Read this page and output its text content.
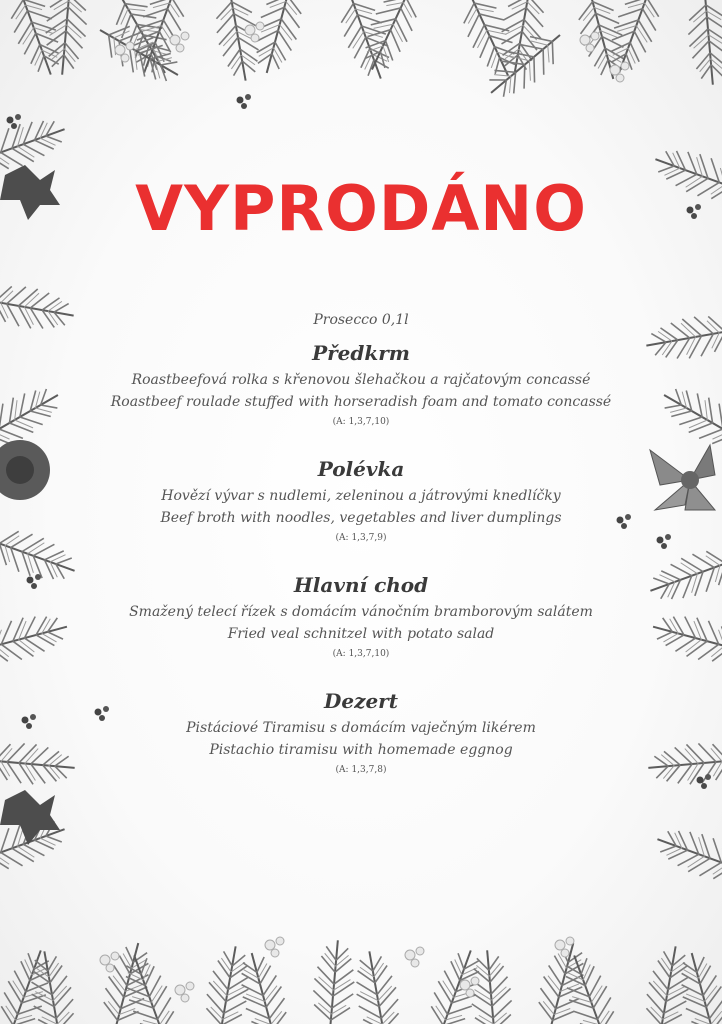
VYPRODÁNO
Prosecco 0,1l
Předkrm
Roastbeefová rolka s křenovou šlehačkou a rajčatovým concassé
Roastbeef roulade stuffed with horseradish foam and tomato concassé
(A: 1,3,7,10)
Polévka
Hovězí vývar s nudlemi, zeleninou a játrovými knedlíčky
Beef broth with noodles, vegetables and liver dumplings
(A: 1,3,7,9)
Hlavní chod
Smažený telecí řízek s domácím vánočním bramborovým salátem
Fried veal schnitzel with potato salad
(A: 1,3,7,10)
Dezert
Pistáciové Tiramisu s domácím vaječným likérem
Pistachio tiramisu with homemade eggnog
(A: 1,3,7,8)
